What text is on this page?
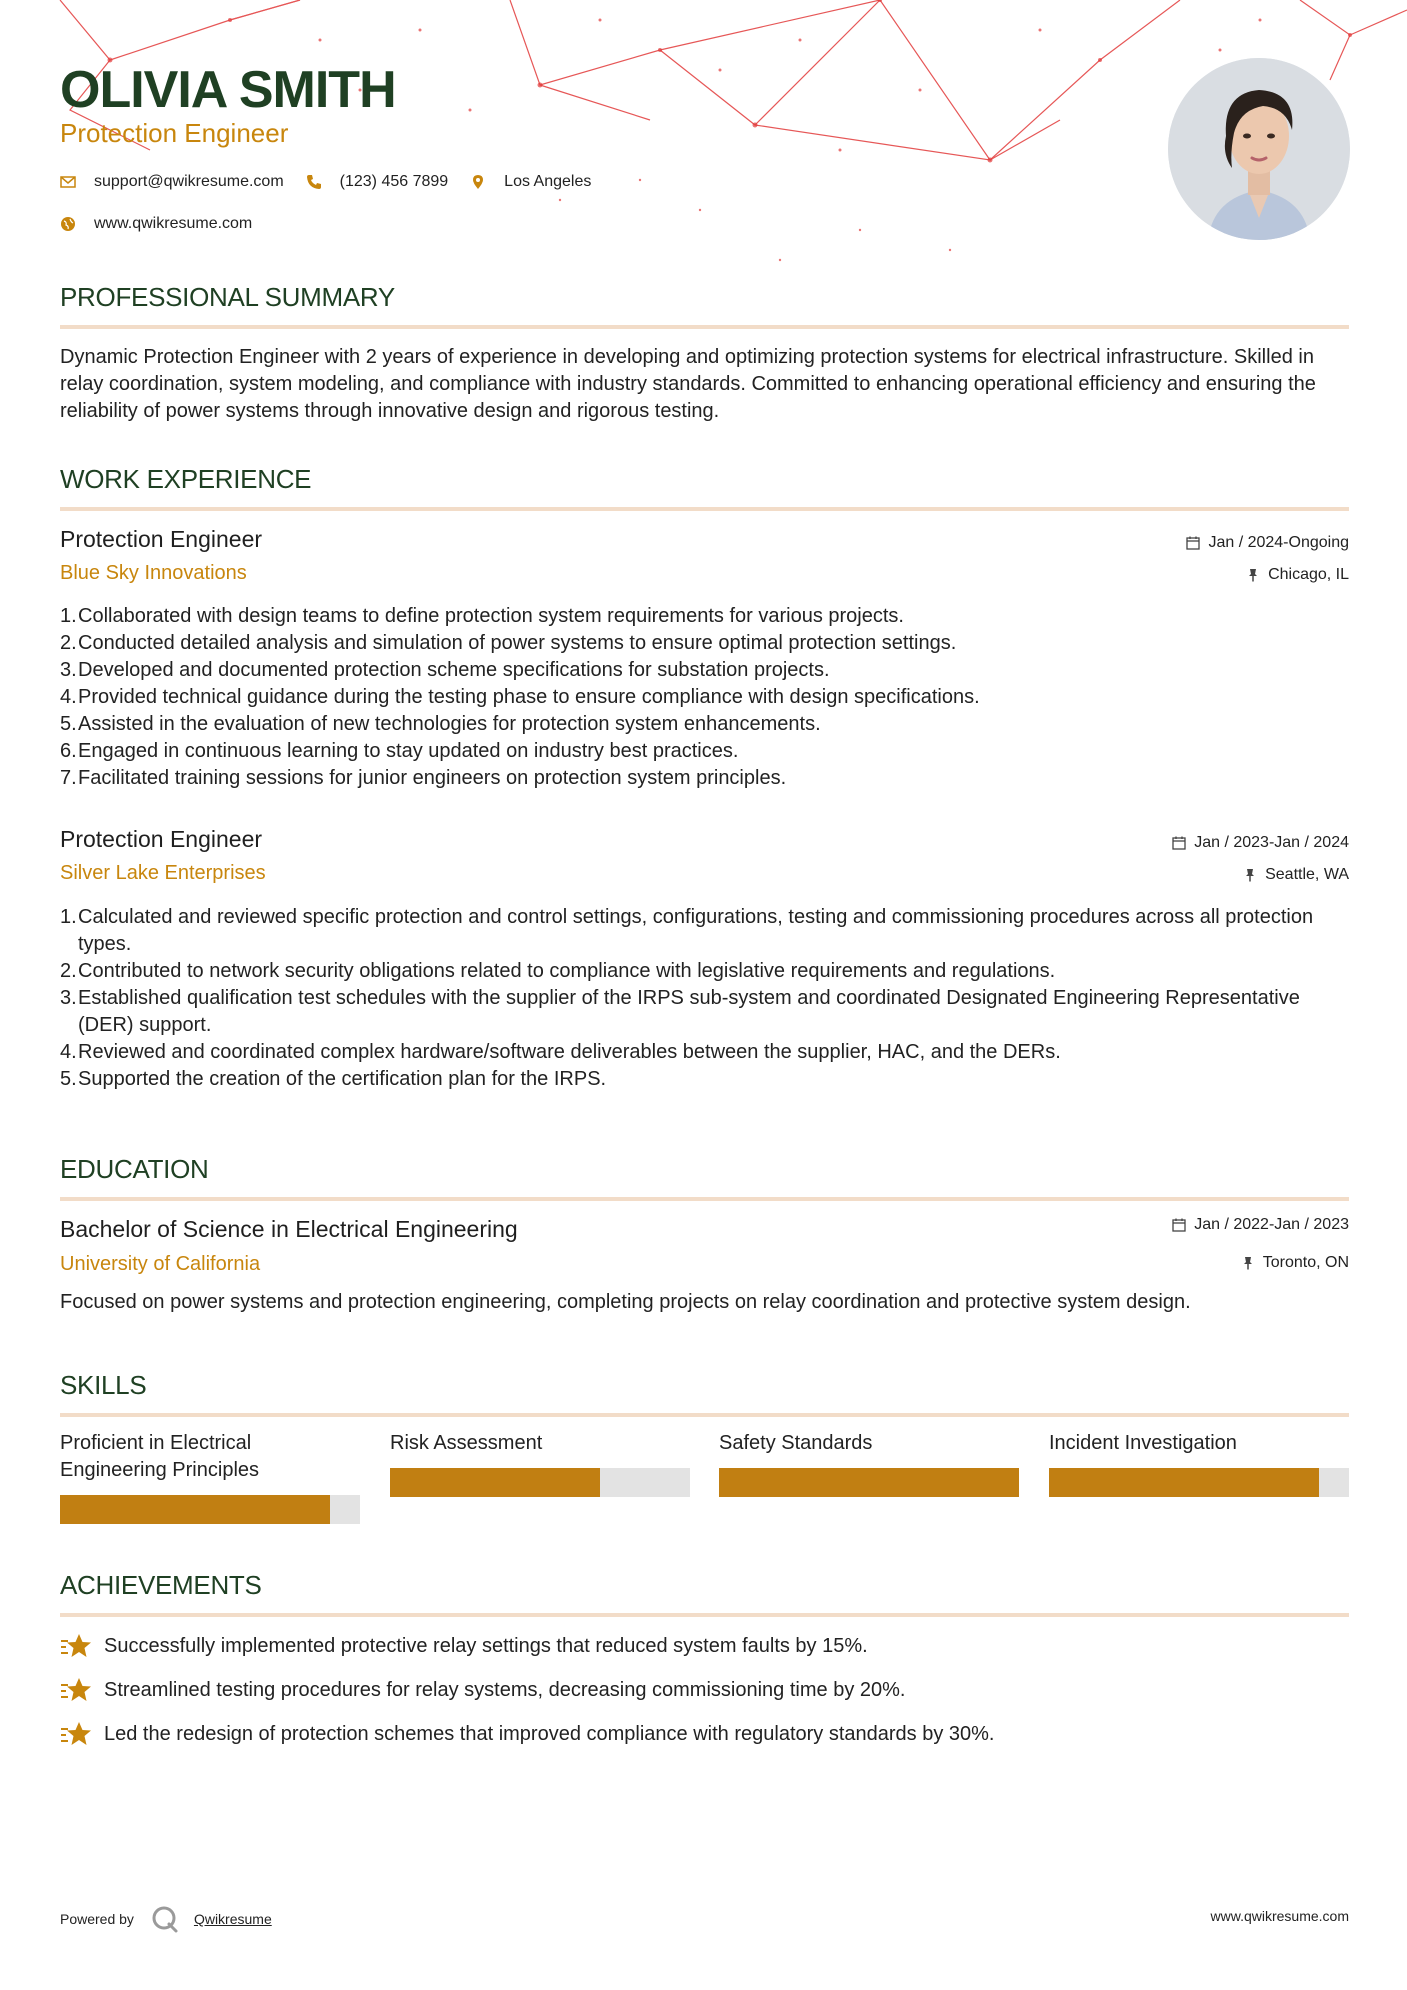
OLIVIA SMITH
Protection Engineer
support@qwikresume.com	(123) 456 7899	Los Angeles
www.qwikresume.com
PROFESSIONAL SUMMARY
Dynamic Protection Engineer with 2 years of experience in developing and optimizing protection systems for electrical infrastructure. Skilled in relay coordination, system modeling, and compliance with industry standards. Committed to enhancing operational efficiency and ensuring the reliability of power systems through innovative design and rigorous testing.
WORK EXPERIENCE
Protection Engineer
Blue Sky Innovations
Jan / 2024-Ongoing
Chicago, IL
1. Collaborated with design teams to define protection system requirements for various projects.
2. Conducted detailed analysis and simulation of power systems to ensure optimal protection settings.
3. Developed and documented protection scheme specifications for substation projects.
4. Provided technical guidance during the testing phase to ensure compliance with design specifications.
5. Assisted in the evaluation of new technologies for protection system enhancements.
6. Engaged in continuous learning to stay updated on industry best practices.
7. Facilitated training sessions for junior engineers on protection system principles.
Protection Engineer
Silver Lake Enterprises
Jan / 2023-Jan / 2024
Seattle, WA
1. Calculated and reviewed specific protection and control settings, configurations, testing and commissioning procedures across all protection types.
2. Contributed to network security obligations related to compliance with legislative requirements and regulations.
3. Established qualification test schedules with the supplier of the IRPS sub-system and coordinated Designated Engineering Representative (DER) support.
4. Reviewed and coordinated complex hardware/software deliverables between the supplier, HAC, and the DERs.
5. Supported the creation of the certification plan for the IRPS.
EDUCATION
Bachelor of Science in Electrical Engineering
University of California
Jan / 2022-Jan / 2023
Toronto, ON
Focused on power systems and protection engineering, completing projects on relay coordination and protective system design.
SKILLS
Proficient in Electrical Engineering Principles
Risk Assessment	Safety Standards	Incident Investigation
ACHIEVEMENTS
Successfully implemented protective relay settings that reduced system faults by 15%.
Streamlined testing procedures for relay systems, decreasing commissioning time by 20%.
Led the redesign of protection schemes that improved compliance with regulatory standards by 30%.
Powered by	Qwikresume	www.qwikresume.com
